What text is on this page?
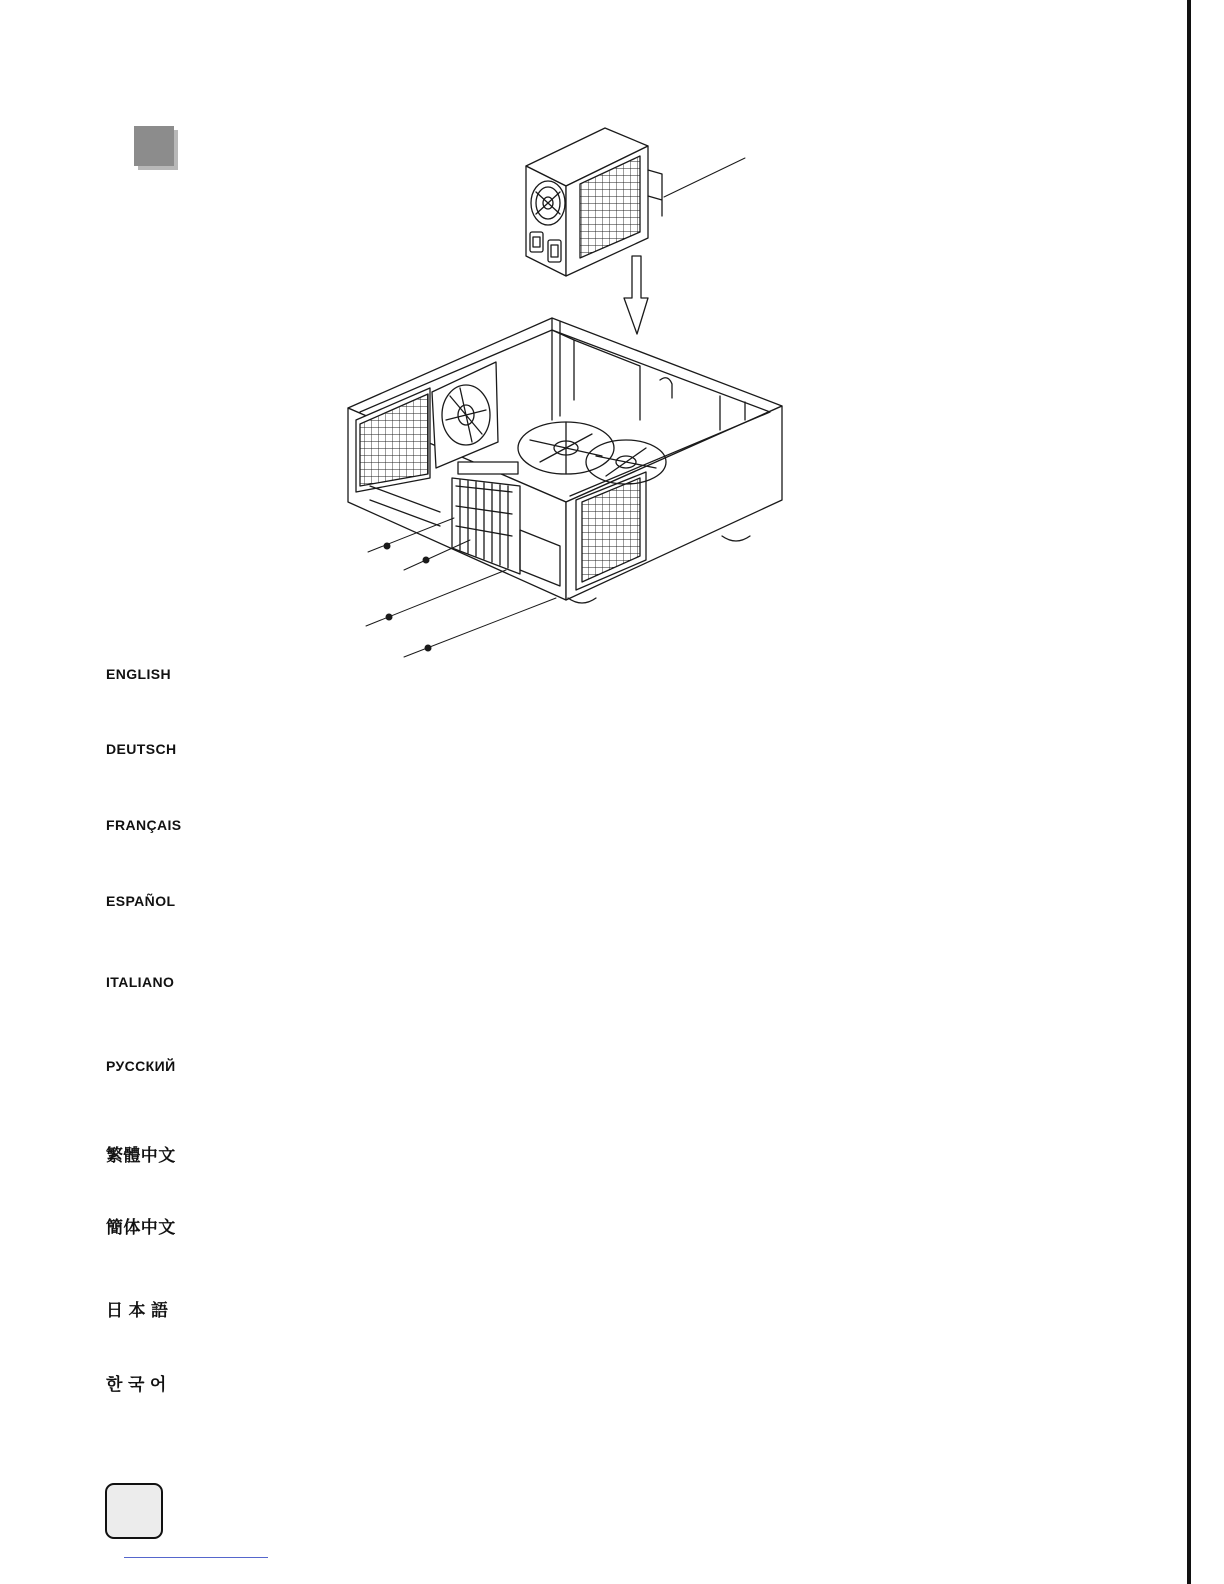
ENGLISH

DEUTSCH

FRANÇAIS

ESPAÑOL

ITALIANO

РУССКИЙ

繁體中文

簡体中文

日 本 語

한 국 어
